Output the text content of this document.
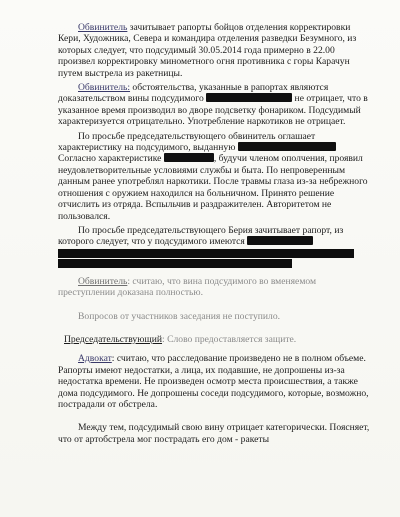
Обвинитель зачитывает рапорты бойцов отделения корректировки Кери, Художника, Севера и командира отделения разведки Безумного, из которых следует, что подсудимый 30.05.2014 года примерно в 22.00 произвел корректировку минометного огня противника с горы Карачун путем выстрела из ракетницы.

Обвинитель: обстоятельства, указанные в рапортах являются доказательством вины подсудимого	не отрицает, что в указанное время производил во дворе подсветку фонариком. Подсудимый характеризуется отрицательно. Употребление наркотиков не отрицает.

По просьбе председательствующего обвинитель оглашает характеристику на подсудимого, выданную  Согласно характеристике	, будучи членом ополчения, проявил неудовлетворительные условиями службы и быта. По непроверенным данным ранее употреблял наркотики. После травмы глаза из-за небрежного отношения с оружием находился на больничном. Принято решение отчислить из отряда. Вспыльчив и раздражителен. Авторитетом не пользовался.

По просьбе председательствующего Берия зачитывает рапорт, из которого следует, что у подсудимого имеются

Обвинитель: считаю, что вина подсудимого во вменяемом преступлении доказана полностью.

Вопросов от участников заседания не поступило.

Председательствующий: Слово предоставляется защите.

Адвокат: считаю, что расследование произведено не в полном объеме. Рапорты имеют недостатки, а лица, их подавшие, не допрошены из-за недостатка времени. Не произведен осмотр места происшествия, а также дома подсудимого. Не допрошены соседи подсудимого, которые, возможно, пострадали от обстрела.

Между тем, подсудимый свою вину отрицает категорически. Поясняет, что от артобстрела мог пострадать его дом - ракеты
